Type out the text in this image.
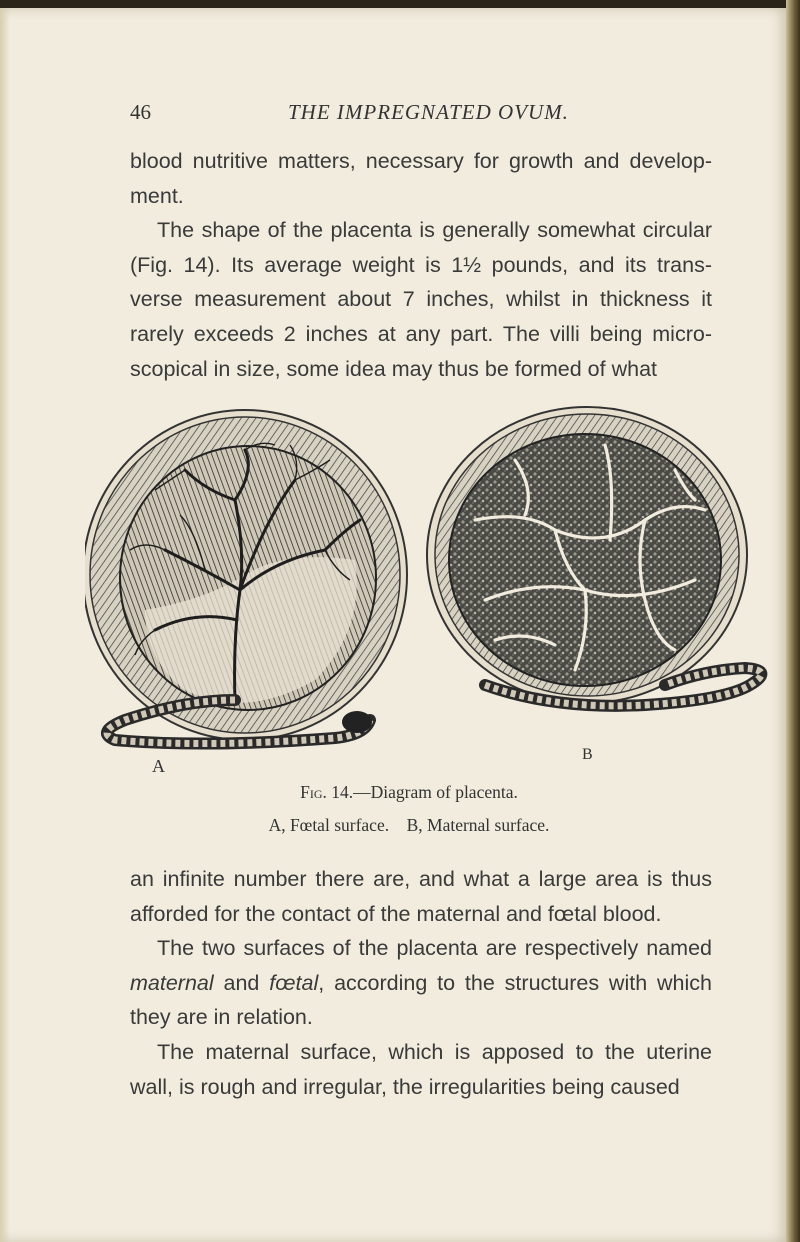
46	THE IMPREGNATED OVUM.

blood nutritive matters, necessary for growth and develop-ment.

The shape of the placenta is generally somewhat circular (Fig. 14). Its average weight is 1½ pounds, and its trans-verse measurement about 7 inches, whilst in thickness it rarely exceeds 2 inches at any part. The villi being micro-scopical in size, some idea may thus be formed of what

A
B
Fig. 14.—Diagram of placenta.
A, Fœtal surface.    B, Maternal surface.

an infinite number there are, and what a large area is thus afforded for the contact of the maternal and fœtal blood.

The two surfaces of the placenta are respectively named maternal and fœtal, according to the structures with which they are in relation.

The maternal surface, which is apposed to the uterine wall, is rough and irregular, the irregularities being caused
